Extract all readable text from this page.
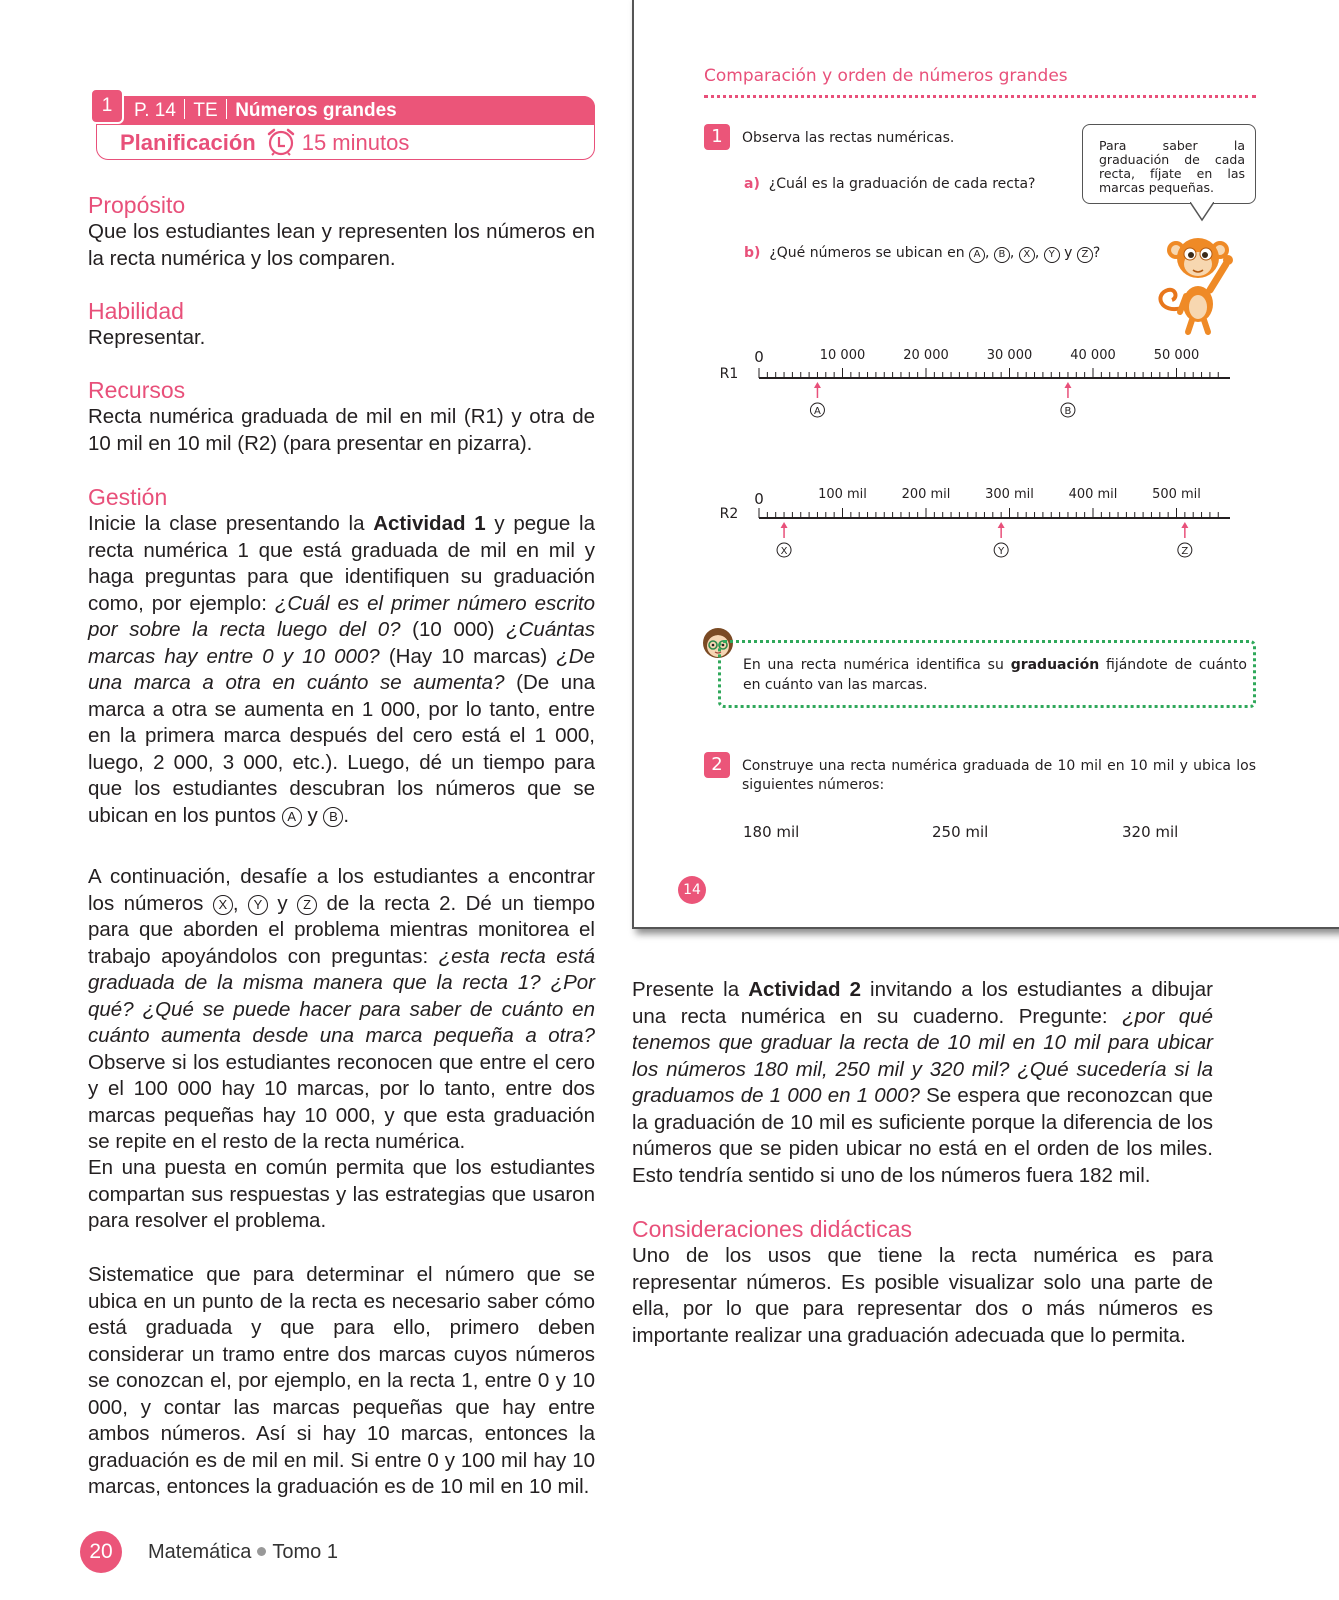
1	P. 14 TE Números grandes
Planificación 15 minutos
Propósito
Que los estudiantes lean y representen los números en la recta numérica y los comparen.
Habilidad
Representar.
Recursos
Recta numérica graduada de mil en mil (R1) y otra de 10 mil en 10 mil (R2) (para presentar en pizarra).
Gestión
Inicie la clase presentando la Actividad 1 y pegue la recta numérica 1 que está graduada de mil en mil y haga preguntas para que identifiquen su graduación como, por ejemplo: ¿Cuál es el primer número escrito por sobre la recta luego del 0? (10 000) ¿Cuántas marcas hay entre 0 y 10 000? (Hay 10 marcas) ¿De una marca a otra en cuánto se aumenta? (De una marca a otra se aumenta en 1 000, por lo tanto, entre en la primera marca después del cero está el 1 000, luego, 2 000, 3 000, etc.). Luego, dé un tiempo para que los estudiantes descubran los números que se ubican en los puntos A y B .
A continuación, desafíe a los estudiantes a encontrar los números X , Y y Z de la recta 2. Dé un tiempo para que aborden el problema mientras monitorea el trabajo apoyándolos con preguntas: ¿esta recta está graduada de la misma manera que la recta 1? ¿Por qué? ¿Qué se puede hacer para saber de cuánto en cuánto aumenta desde una marca pequeña a otra? Observe si los estudiantes reconocen que entre el cero y el 100 000 hay 10 marcas, por lo tanto, entre dos marcas pequeñas hay 10 000, y que esta graduación se repite en el resto de la recta numérica.
En una puesta en común permita que los estudiantes compartan sus respuestas y las estrategias que usaron para resolver el problema.
Sistematice que para determinar el número que se ubica en un punto de la recta es necesario saber cómo está graduada y que para ello, primero deben considerar un tramo entre dos marcas cuyos números se conozcan el, por ejemplo, en la recta 1, entre 0 y 10 000, y contar las marcas pequeñas que hay entre ambos números. Así si hay 10 marcas, entonces la graduación es de mil en mil. Si entre 0 y 100 mil hay 10 marcas, entonces la graduación es de 10 mil en 10 mil.
Comparación y orden de números grandes
1	Observa las rectas numéricas.
a) ¿Cuál es la graduación de cada recta?
b) ¿Qué números se ubican en A , B , X , Y y Z ?
Para saber la graduación de cada recta, fíjate en las marcas pequeñas.
R1
0	10 000	20 000	30 000	40 000	50 000
A	B
R2
0	100 mil	200 mil	300 mil	400 mil	500 mil
X	Y	Z
En una recta numérica identifica su graduación fijándote de cuánto en cuánto van las marcas.
2	Construye una recta numérica graduada de 10 mil en 10 mil y ubica los siguientes números:
180 mil	250 mil	320 mil
14
Presente la Actividad 2 invitando a los estudiantes a dibujar una recta numérica en su cuaderno. Pregunte: ¿por qué tenemos que graduar la recta de 10 mil en 10 mil para ubicar los números 180 mil, 250 mil y 320 mil? ¿Qué sucedería si la graduamos de 1 000 en 1 000? Se espera que reconozcan que la graduación de 10 mil es suficiente porque la diferencia de los números que se piden ubicar no está en el orden de los miles. Esto tendría sentido si uno de los números fuera 182 mil.
Consideraciones didácticas
Uno de los usos que tiene la recta numérica es para representar números. Es posible visualizar solo una parte de ella, por lo que para representar dos o más números es importante realizar una graduación adecuada que lo permita.
20	Matemática Tomo 1
